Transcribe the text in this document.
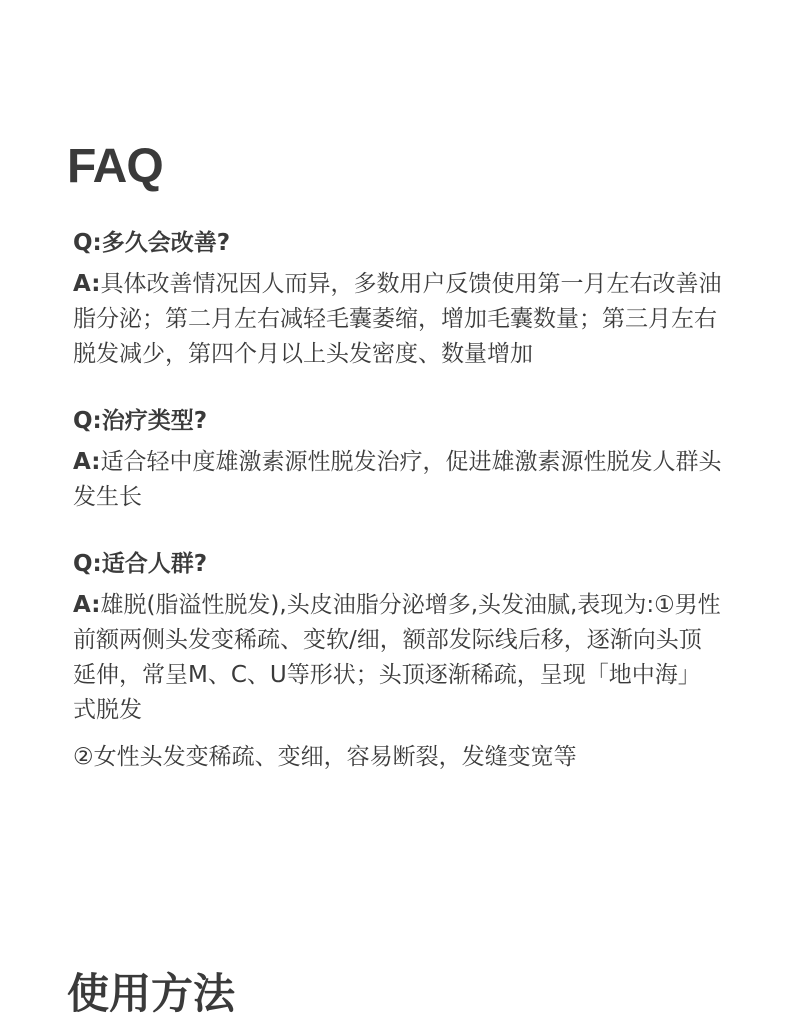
FAQ

Q:多久会改善?

A:具体改善情况因人而异，多数用户反馈使用第一月左右改善油脂分泌；第二月左右减轻毛囊萎缩，增加毛囊数量；第三月左右脱发减少，第四个月以上头发密度、数量增加

Q:治疗类型?

A:适合轻中度雄激素源性脱发治疗，促进雄激素源性脱发人群头发生长

Q:适合人群?

A:雄脱(脂溢性脱发),头皮油脂分泌增多,头发油腻,表现为:①男性前额两侧头发变稀疏、变软/细，额部发际线后移，逐渐向头顶延伸，常呈M、C、U等形状；头顶逐渐稀疏，呈现「地中海」式脱发

②女性头发变稀疏、变细，容易断裂，发缝变宽等

使用方法
